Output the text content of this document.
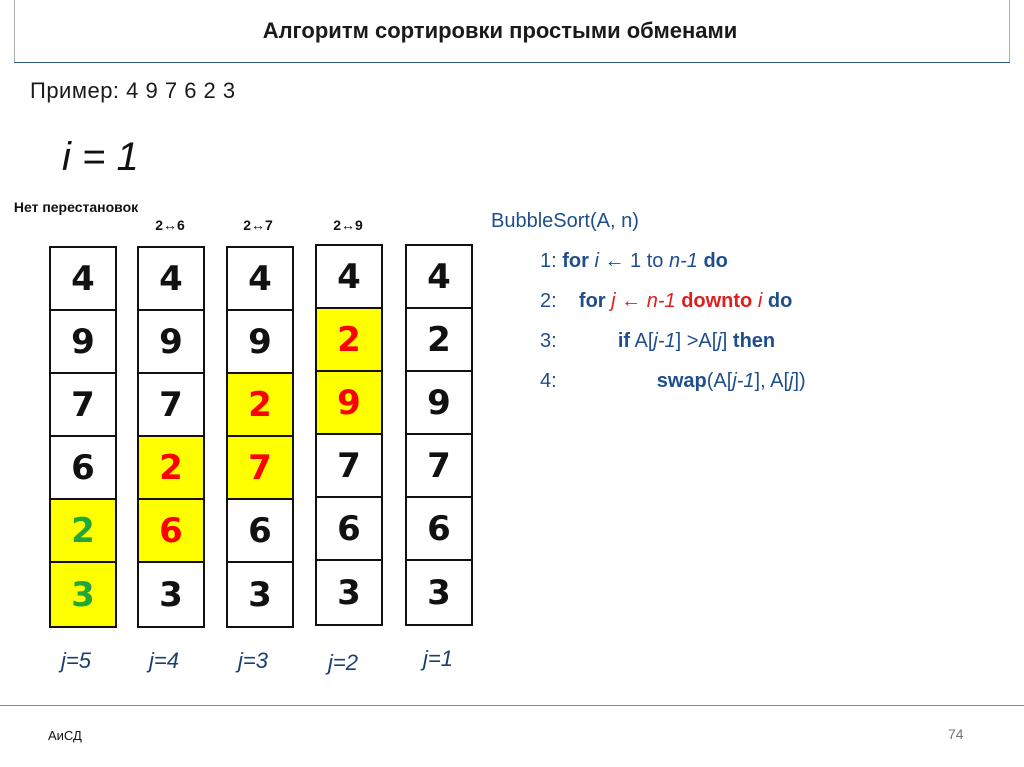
Алгоритм сортировки простыми обменами
Пример: 4 9 7 6 2 3
i = 1
Нет перестановок
2↔6	2↔7	2↔9
4
9
7
6
2
3
4
9
7
2
6
3
4
9
2
7
6
3
4
2
9
7
6
3
4
2
9
7
6
3
j=5	j=4	j=3	j=2	j=1
BubbleSort(A, n)
1: for i ← 1 to n-1 do
2: for j ← n-1 downto i do
3:	if A[j-1] >A[j] then
4:	swap(A[j-1], A[j])
АиСД	74
